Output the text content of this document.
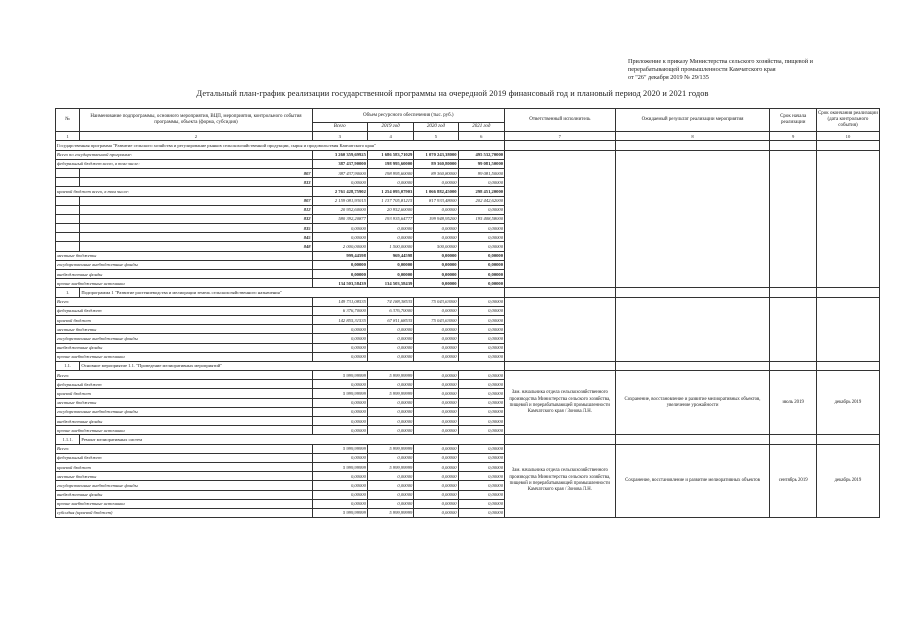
Приложение к приказу Министерства сельского хозяйства, пищевой и
перерабатывающей промышленности Камчатского края
от "26" декабря 2019 № 29/135
Детальный план-график реализации государственной программы на очередной 2019 финансовый год и плановый период 2020 и 2021 годов
№	Наименование подпрограммы, основного мероприятия, ВЦП, мероприятия, контрольного события программы, объекта (форма, субсидия)	Объем ресурсного обеспечения (тыс. руб.)				Ответственный исполнитель	Ожидаемый результат реализации мероприятия	Срок начала реализации	Срок окончания реализации (дата контрольного события)
		Всего	2019 год	2020 год	2021 год				
1	2	3	4	5	6	7	8	9	10
Государственная программа "Развитие сельского хозяйства и регулирование рынков сельскохозяйственной продукции, сырья и продовольствия Камчатского края"									
Всего по государственной программе:		3 260 359,69925	1 686 583,71029	1 070 243,38000	495 532,70000				
федеральный бюджет всего, в том числе:		387 437,90000	198 995,60000	89 360,80000	99 081,50000				
	807	387 437,90000	198 995,60000	89 360,80000	99 081,50000				
	833	0,00000	0,00000	0,00000	0,00000				
краевой бюджет всего, в том числе:		2 761 428,75902	1 254 095,07903	1 066 882,45000	298 451,20000				
	807	2 159 081,93015	1 137 705,81215	817 933,48000	202 442,62000				
	812	20 952,60000	20 952,60000	0,00000	0,00000				
	832	580 392,20877	193 935,64777	199 948,95200	195 408,58000				
	835	0,00000	0,00000	0,00000	0,00000				
	845	0,00000	0,00000	0,00000	0,00000				
	848	2 000,00000	1 500,00000	500,00000	0,00000				
местные бюджеты		999,44598	969,44598	0,00000	0,00000				
государственные внебюджетные фонды		0,00000	0,00000	0,00000	0,00000				
внебюджетные фонды		0,00000	0,00000	0,00000	0,00000				
прочие внебюджетные источники		134 503,58439	134 503,58439	0,00000	0,00000				
1.	Подпрограмма 1 "Развитие растениеводства и мелиорации земель сельскохозяйственного назначения"								
Всего:		149 731,08535	74 188,38535	75 043,63000	0,00000				
федеральный бюджет		6 376,70000	6 376,70000	0,00000	0,00000				
краевой бюджет		142 855,31535	67 811,68535	75 043,63000	0,00000				
местные бюджеты		0,00000	0,00000	0,00000	0,00000				
государственные внебюджетные фонды		0,00000	0,00000	0,00000	0,00000				
внебюджетные фонды		0,00000	0,00000	0,00000	0,00000				
прочие внебюджетные источники		0,00000	0,00000	0,00000	0,00000				
1.1.	Основное мероприятие 1.1. "Проведение мелиоративных мероприятий"								
Всего:		5 999,99999	5 999,99999	0,00000	0,00000	Зам. начальника отдела сельскохозяйственного производства Министерства сельского хозяйства, пищевой и перерабатывающей промышленности Камчатского края / Зонова Л.Н.	Сохранение, восстановление и развитие мелиоративных объектов, увеличение урожайности	июль 2019	декабрь 2019
федеральный бюджет		0,00000	0,00000	0,00000	0,00000				
краевой бюджет		5 999,99999	5 999,99999	0,00000	0,00000				
местные бюджеты		0,00000	0,00000	0,00000	0,00000				
государственные внебюджетные фонды		0,00000	0,00000	0,00000	0,00000				
внебюджетные фонды		0,00000	0,00000	0,00000	0,00000				
прочие внебюджетные источники		0,00000	0,00000	0,00000	0,00000				
1.1.1.	Ремонт мелиоративных систем								
Всего:		5 999,99999	5 999,99999	0,00000	0,00000	Зам. начальника отдела сельскохозяйственного производства Министерства сельского хозяйства, пищевой и перерабатывающей промышленности Камчатского края / Зонова Л.Н.	Сохранение, восстановление и развитие мелиоративных объектов	сентябрь 2019	декабрь 2019
федеральный бюджет		0,00000	0,00000	0,00000	0,00000				
краевой бюджет		5 999,99999	5 999,99999	0,00000	0,00000				
местные бюджеты		0,00000	0,00000	0,00000	0,00000				
государственные внебюджетные фонды		0,00000	0,00000	0,00000	0,00000				
внебюджетные фонды		0,00000	0,00000	0,00000	0,00000				
прочие внебюджетные источники		0,00000	0,00000	0,00000	0,00000				
субсидия (краевой бюджет)		5 999,99999	5 999,99999	0,00000	0,00000				
